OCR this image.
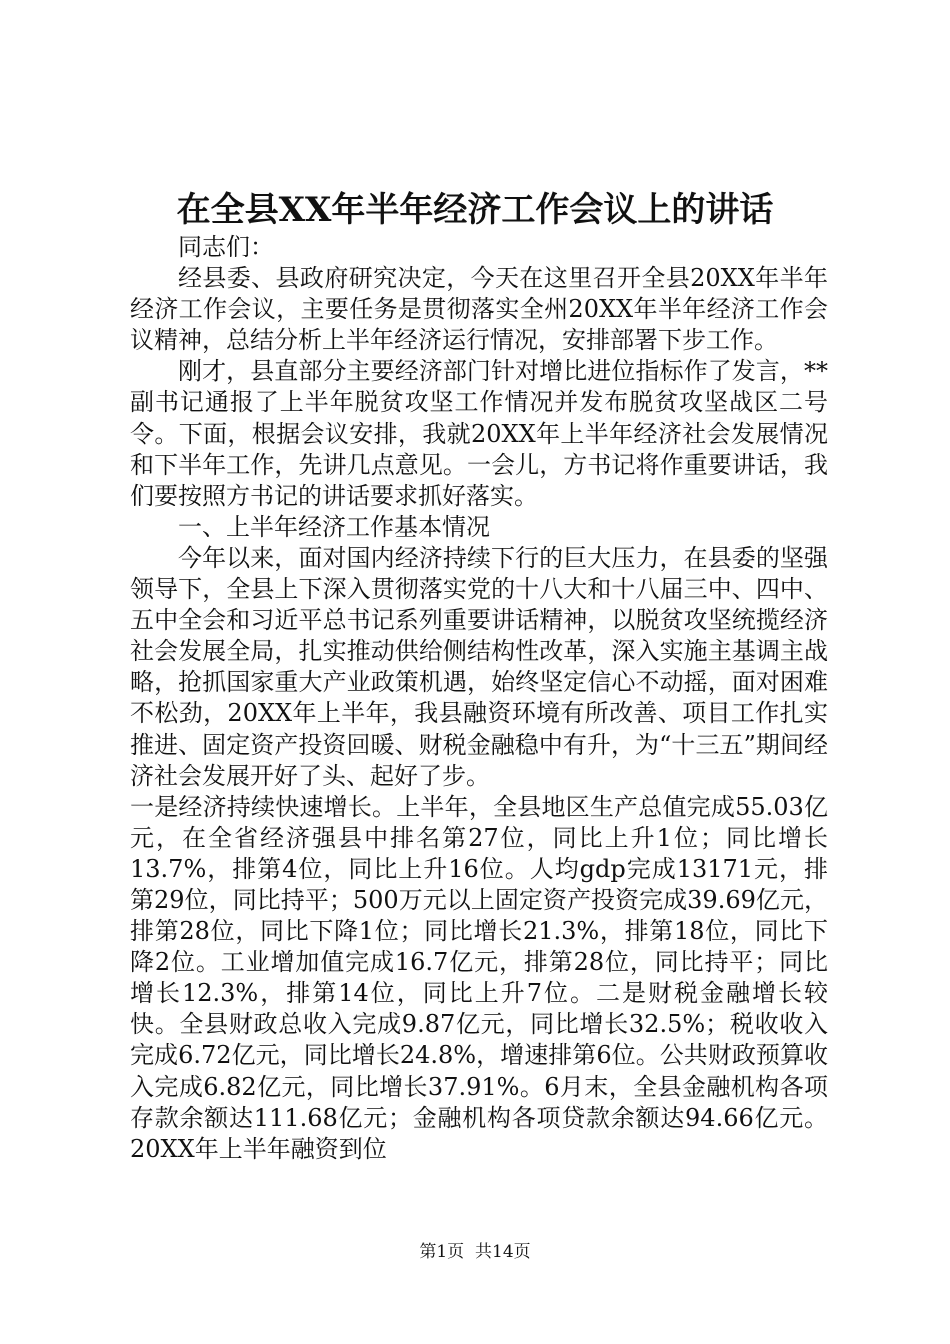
在全县XX年半年经济工作会议上的讲话

同志们：

经县委、县政府研究决定，今天在这里召开全县20XX年半年经济工作会议，主要任务是贯彻落实全州20XX年半年经济工作会议精神，总结分析上半年经济运行情况，安排部署下步工作。

刚才，县直部分主要经济部门针对增比进位指标作了发言，**副书记通报了上半年脱贫攻坚工作情况并发布脱贫攻坚战区二号令。下面，根据会议安排，我就20XX年上半年经济社会发展情况和下半年工作，先讲几点意见。一会儿，方书记将作重要讲话，我们要按照方书记的讲话要求抓好落实。

一、上半年经济工作基本情况

今年以来，面对国内经济持续下行的巨大压力，在县委的坚强领导下，全县上下深入贯彻落实党的十八大和十八届三中、四中、五中全会和习近平总书记系列重要讲话精神，以脱贫攻坚统揽经济社会发展全局，扎实推动供给侧结构性改革，深入实施主基调主战略，抢抓国家重大产业政策机遇，始终坚定信心不动摇，面对困难不松劲，20XX年上半年，我县融资环境有所改善、项目工作扎实推进、固定资产投资回暖、财税金融稳中有升，为“十三五”期间经济社会发展开好了头、起好了步。

一是经济持续快速增长。上半年，全县地区生产总值完成55.03亿元，在全省经济强县中排名第27位，同比上升1位；同比增长13.7%，排第4位，同比上升16位。人均gdp完成13171元，排第29位，同比持平；500万元以上固定资产投资完成39.69亿元，排第28位，同比下降1位；同比增长21.3%，排第18位，同比下降2位。工业增加值完成16.7亿元，排第28位，同比持平；同比增长12.3%，排第14位，同比上升7位。二是财税金融增长较快。全县财政总收入完成9.87亿元，同比增长32.5%；税收收入完成6.72亿元，同比增长24.8%，增速排第6位。公共财政预算收入完成6.82亿元，同比增长37.91%。6月末，全县金融机构各项存款余额达111.68亿元；金融机构各项贷款余额达94.66亿元。20XX年上半年融资到位

第1页 共14页
